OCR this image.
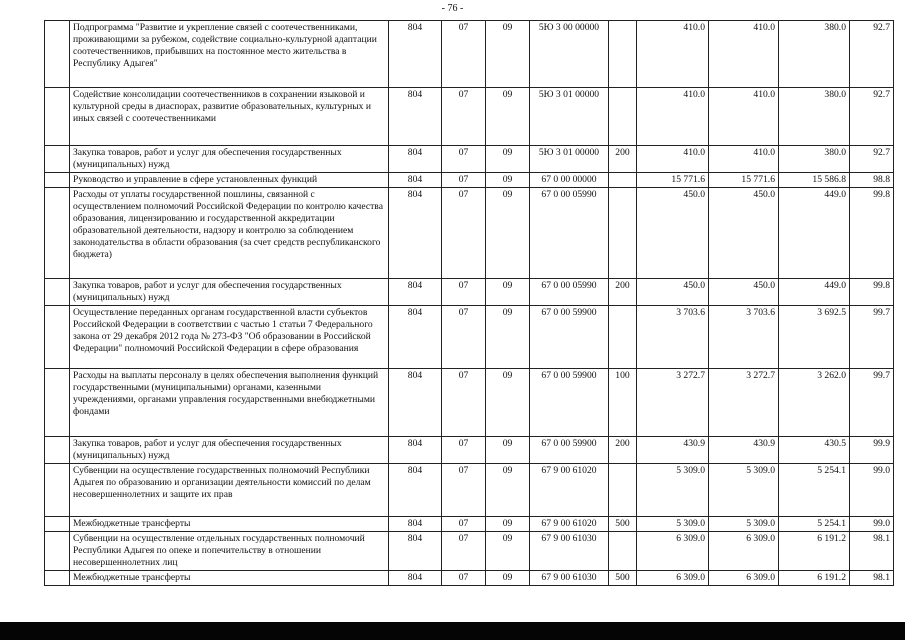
- 76 -
	Подпрограмма "Развитие и укрепление связей с соотечественниками, проживающими за рубежом, содействие социально-культурной адаптации соотечественников, прибывших на постоянное место жительства в Республику Адыгея"	804	07	09	5Ю 3 00 00000		410.0	410.0	380.0	92.7
	Содействие консолидации соотечественников в сохранении языковой и культурной среды в диаспорах, развитие образовательных, культурных и иных связей с соотечественниками	804	07	09	5Ю 3 01 00000		410.0	410.0	380.0	92.7
	Закупка товаров, работ и услуг для обеспечения государственных (муниципальных) нужд	804	07	09	5Ю 3 01 00000	200	410.0	410.0	380.0	92.7
	Руководство и управление в сфере установленных функций	804	07	09	67 0 00 00000		15 771.6	15 771.6	15 586.8	98.8
	Расходы от уплаты государственной пошлины, связанной с осуществлением полномочий Российской Федерации по контролю качества образования, лицензированию и государственной аккредитации образовательной деятельности, надзору и контролю за соблюдением законодательства в области образования (за счет средств республиканского бюджета)	804	07	09	67 0 00 05990		450.0	450.0	449.0	99.8
	Закупка товаров, работ и услуг для обеспечения государственных (муниципальных) нужд	804	07	09	67 0 00 05990	200	450.0	450.0	449.0	99.8
	Осуществление переданных органам государственной власти субъектов Российской Федерации в соответствии с частью 1 статьи 7 Федерального закона от 29 декабря 2012 года № 273-ФЗ "Об образовании в Российской Федерации" полномочий Российской Федерации в сфере образования	804	07	09	67 0 00 59900		3 703.6	3 703.6	3 692.5	99.7
	Расходы на выплаты персоналу в целях обеспечения выполнения функций государственными (муниципальными) органами, казенными учреждениями, органами управления государственными внебюджетными фондами	804	07	09	67 0 00 59900	100	3 272.7	3 272.7	3 262.0	99.7
	Закупка товаров, работ и услуг для обеспечения государственных (муниципальных) нужд	804	07	09	67 0 00 59900	200	430.9	430.9	430.5	99.9
	Субвенции на осуществление государственных полномочий Республики Адыгея по образованию и организации деятельности комиссий по делам несовершеннолетних и защите их прав	804	07	09	67 9 00 61020		5 309.0	5 309.0	5 254.1	99.0
	Межбюджетные трансферты	804	07	09	67 9 00 61020	500	5 309.0	5 309.0	5 254.1	99.0
	Субвенции на осуществление отдельных государственных полномочий Республики Адыгея по опеке и попечительству в отношении несовершеннолетних лиц	804	07	09	67 9 00 61030		6 309.0	6 309.0	6 191.2	98.1
	Межбюджетные трансферты	804	07	09	67 9 00 61030	500	6 309.0	6 309.0	6 191.2	98.1
